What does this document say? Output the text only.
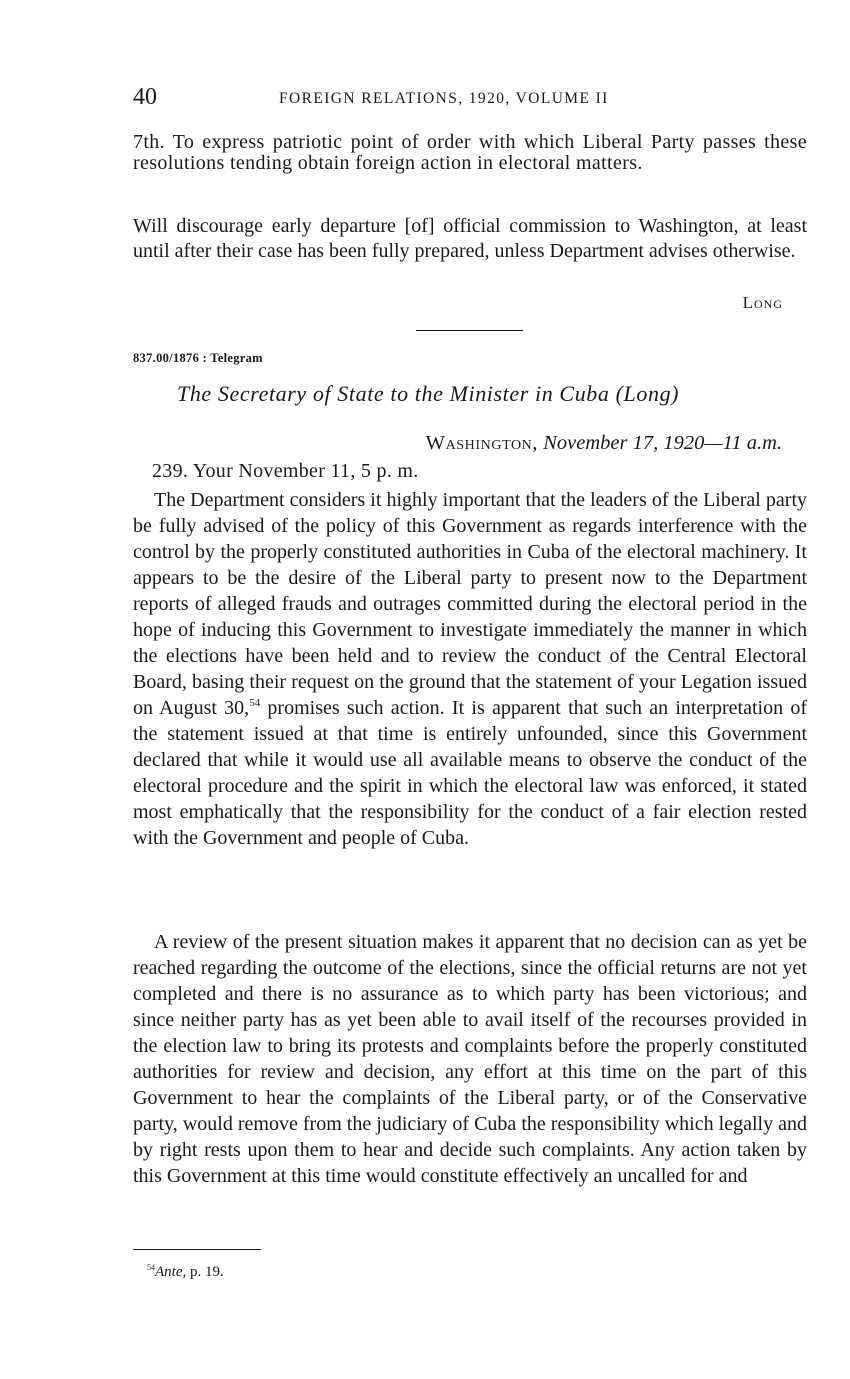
40	FOREIGN RELATIONS, 1920, VOLUME II

7th. To express patriotic point of order with which Liberal Party passes these resolutions tending obtain foreign action in electoral matters.

Will discourage early departure [of] official commission to Washington, at least until after their case has been fully prepared, unless Department advises otherwise.

Long
837.00/1876 : Telegram
The Secretary of State to the Minister in Cuba (Long)
Washington, November 17, 1920—11 a.m.
239. Your November 11, 5 p. m.

The Department considers it highly important that the leaders of the Liberal party be fully advised of the policy of this Government as regards interference with the control by the properly constituted authorities in Cuba of the electoral machinery. It appears to be the desire of the Liberal party to present now to the Department reports of alleged frauds and outrages committed during the electoral period in the hope of inducing this Government to investigate immediately the manner in which the elections have been held and to review the conduct of the Central Electoral Board, basing their request on the ground that the statement of your Legation issued on August 30,54 promises such action. It is apparent that such an interpretation of the statement issued at that time is entirely unfounded, since this Government declared that while it would use all available means to observe the conduct of the electoral procedure and the spirit in which the electoral law was enforced, it stated most emphatically that the responsibility for the conduct of a fair election rested with the Government and people of Cuba.

A review of the present situation makes it apparent that no decision can as yet be reached regarding the outcome of the elections, since the official returns are not yet completed and there is no assurance as to which party has been victorious; and since neither party has as yet been able to avail itself of the recourses provided in the election law to bring its protests and complaints before the properly constituted authorities for review and decision, any effort at this time on the part of this Government to hear the complaints of the Liberal party, or of the Conservative party, would remove from the judiciary of Cuba the responsibility which legally and by right rests upon them to hear and decide such complaints. Any action taken by this Government at this time would constitute effectively an uncalled for and

$^{54}$Ante, p. 19.
